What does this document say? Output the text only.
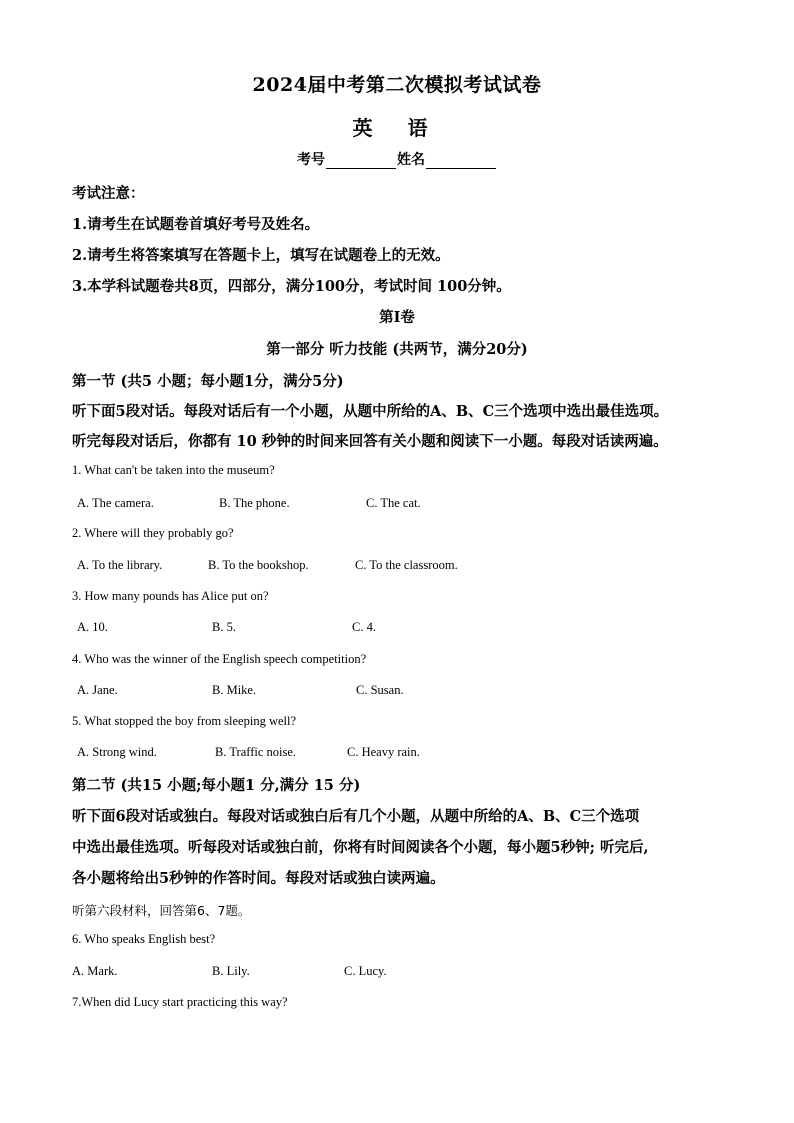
2024届中考第二次模拟考试试卷
英 语
考号	姓名
考试注意：
1.请考生在试题卷首填好考号及姓名。
2.请考生将答案填写在答题卡上，填写在试题卷上的无效。
3.本学科试题卷共8页，四部分，满分100分，考试时间 100分钟。
第Ⅰ卷
第一部分 听力技能 (共两节，满分20分)
第一节 (共5 小题；每小题1分，满分5分)
听下面5段对话。每段对话后有一个小题，从题中所给的A、B、C三个选项中选出最佳选项。
听完每段对话后，你都有 10 秒钟的时间来回答有关小题和阅读下一小题。每段对话读两遍。
1. What can't be taken into the museum?
A. The camera.	B. The phone.	C. The cat.
2. Where will they probably go?
A. To the library.	B. To the bookshop.	C. To the classroom.
3. How many pounds has Alice put on?
A. 10.	B. 5.	C. 4.
4. Who was the winner of the English speech competition?
A. Jane.	B. Mike.	C. Susan.
5. What stopped the boy from sleeping well?
A. Strong wind.	B. Traffic noise.	C. Heavy rain.
第二节 (共15 小题;每小题1 分,满分 15 分)
听下面6段对话或独白。每段对话或独白后有几个小题，从题中所给的A、B、C三个选项
中选出最佳选项。听每段对话或独白前，你将有时间阅读各个小题，每小题5秒钟; 听完后,
各小题将给出5秒钟的作答时间。每段对话或独白读两遍。
听第六段材料，回答第6、7题。
6. Who speaks English best?
A. Mark.	B. Lily.	C. Lucy.
7.When did Lucy start practicing this way?
